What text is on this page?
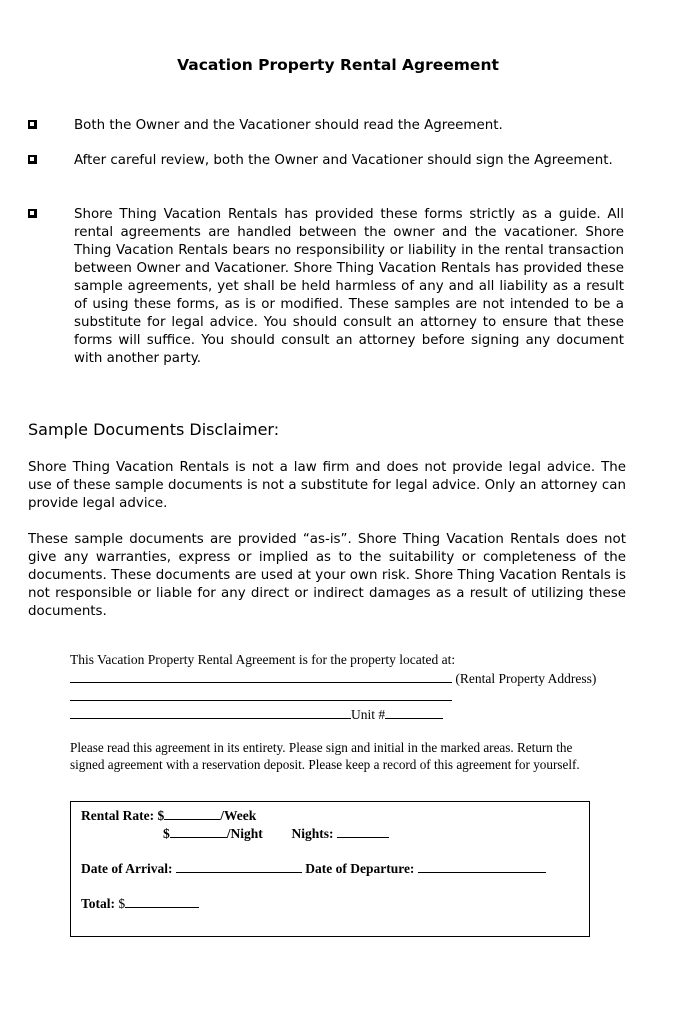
Vacation Property Rental Agreement
Both the Owner and the Vacationer should read the Agreement.
After careful review, both the Owner and Vacationer should sign the Agreement.
Shore Thing Vacation Rentals has provided these forms strictly as a guide. All rental agreements are handled between the owner and the vacationer. Shore Thing Vacation Rentals bears no responsibility or liability in the rental transaction between Owner and Vacationer. Shore Thing Vacation Rentals has provided these sample agreements, yet shall be held harmless of any and all liability as a result of using these forms, as is or modified. These samples are not intended to be a substitute for legal advice. You should consult an attorney to ensure that these forms will suffice. You should consult an attorney before signing any document with another party.
Sample Documents Disclaimer:
Shore Thing Vacation Rentals is not a law firm and does not provide legal advice. The use of these sample documents is not a substitute for legal advice. Only an attorney can provide legal advice.
These sample documents are provided “as-is”. Shore Thing Vacation Rentals does not give any warranties, express or implied as to the suitability or completeness of the documents. These documents are used at your own risk. Shore Thing Vacation Rentals is not responsible or liable for any direct or indirect damages as a result of utilizing these documents.
This Vacation Property Rental Agreement is for the property located at:
(Rental Property Address)
Unit #
Please read this agreement in its entirety. Please sign and initial in the marked areas. Return the signed agreement with a reservation deposit. Please keep a record of this agreement for yourself.
Rental Rate: $	/Week
$	/Night Nights:
Date of Arrival:	Date of Departure:
Total: $
